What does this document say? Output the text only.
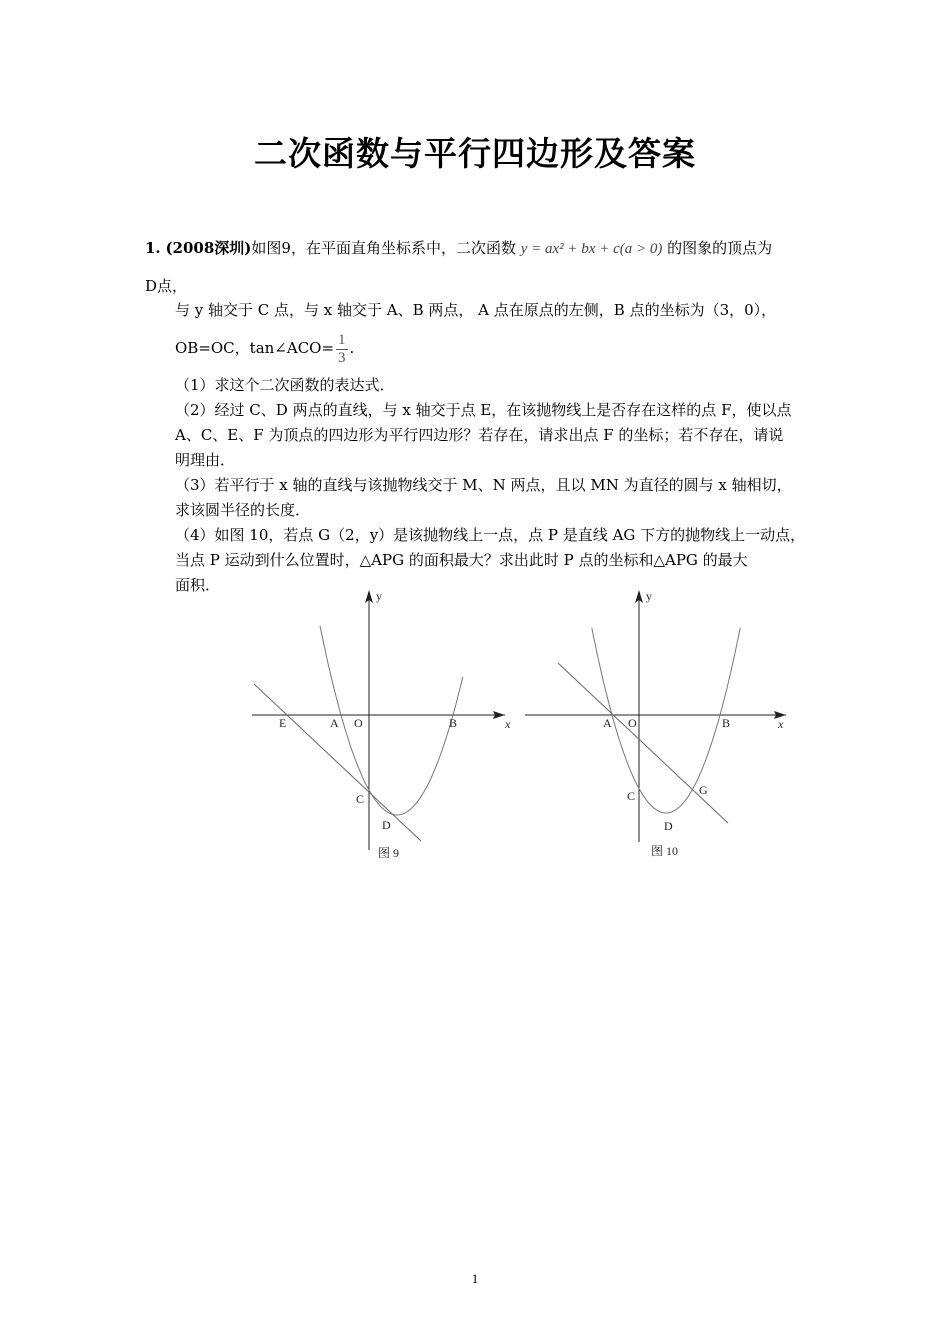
二次函数与平行四边形及答案
1. (2008深圳)如图9，在平面直角坐标系中，二次函数 y = ax² + bx + c(a > 0) 的图象的顶点为
D点，
与 y 轴交于 C 点，与 x 轴交于 A、B 两点， A 点在原点的左侧，B 点的坐标为（3，0），
OB=OC，tan∠ACO= $\frac{1}{3}$ .
（1）求这个二次函数的表达式．
（2）经过 C、D 两点的直线，与 x 轴交于点 E，在该抛物线上是否存在这样的点 F，使以点
A、C、E、F 为顶点的四边形为平行四边形？若存在，请求出点 F 的坐标；若不存在，请说
明理由．
（3）若平行于 x 轴的直线与该抛物线交于 M、N 两点，且以 MN 为直径的圆与 x 轴相切，
求该圆半径的长度．
（4）如图 10，若点 G（2，y）是该抛物线上一点，点 P 是直线 AG 下方的抛物线上一动点，
当点 P 运动到什么位置时，△APG 的面积最大？求出此时 P 点的坐标和△APG 的最大
面积．
E	A O	B	x
y
C
D
图 9
A O	B	x
y
C
D
G
图 10
1
